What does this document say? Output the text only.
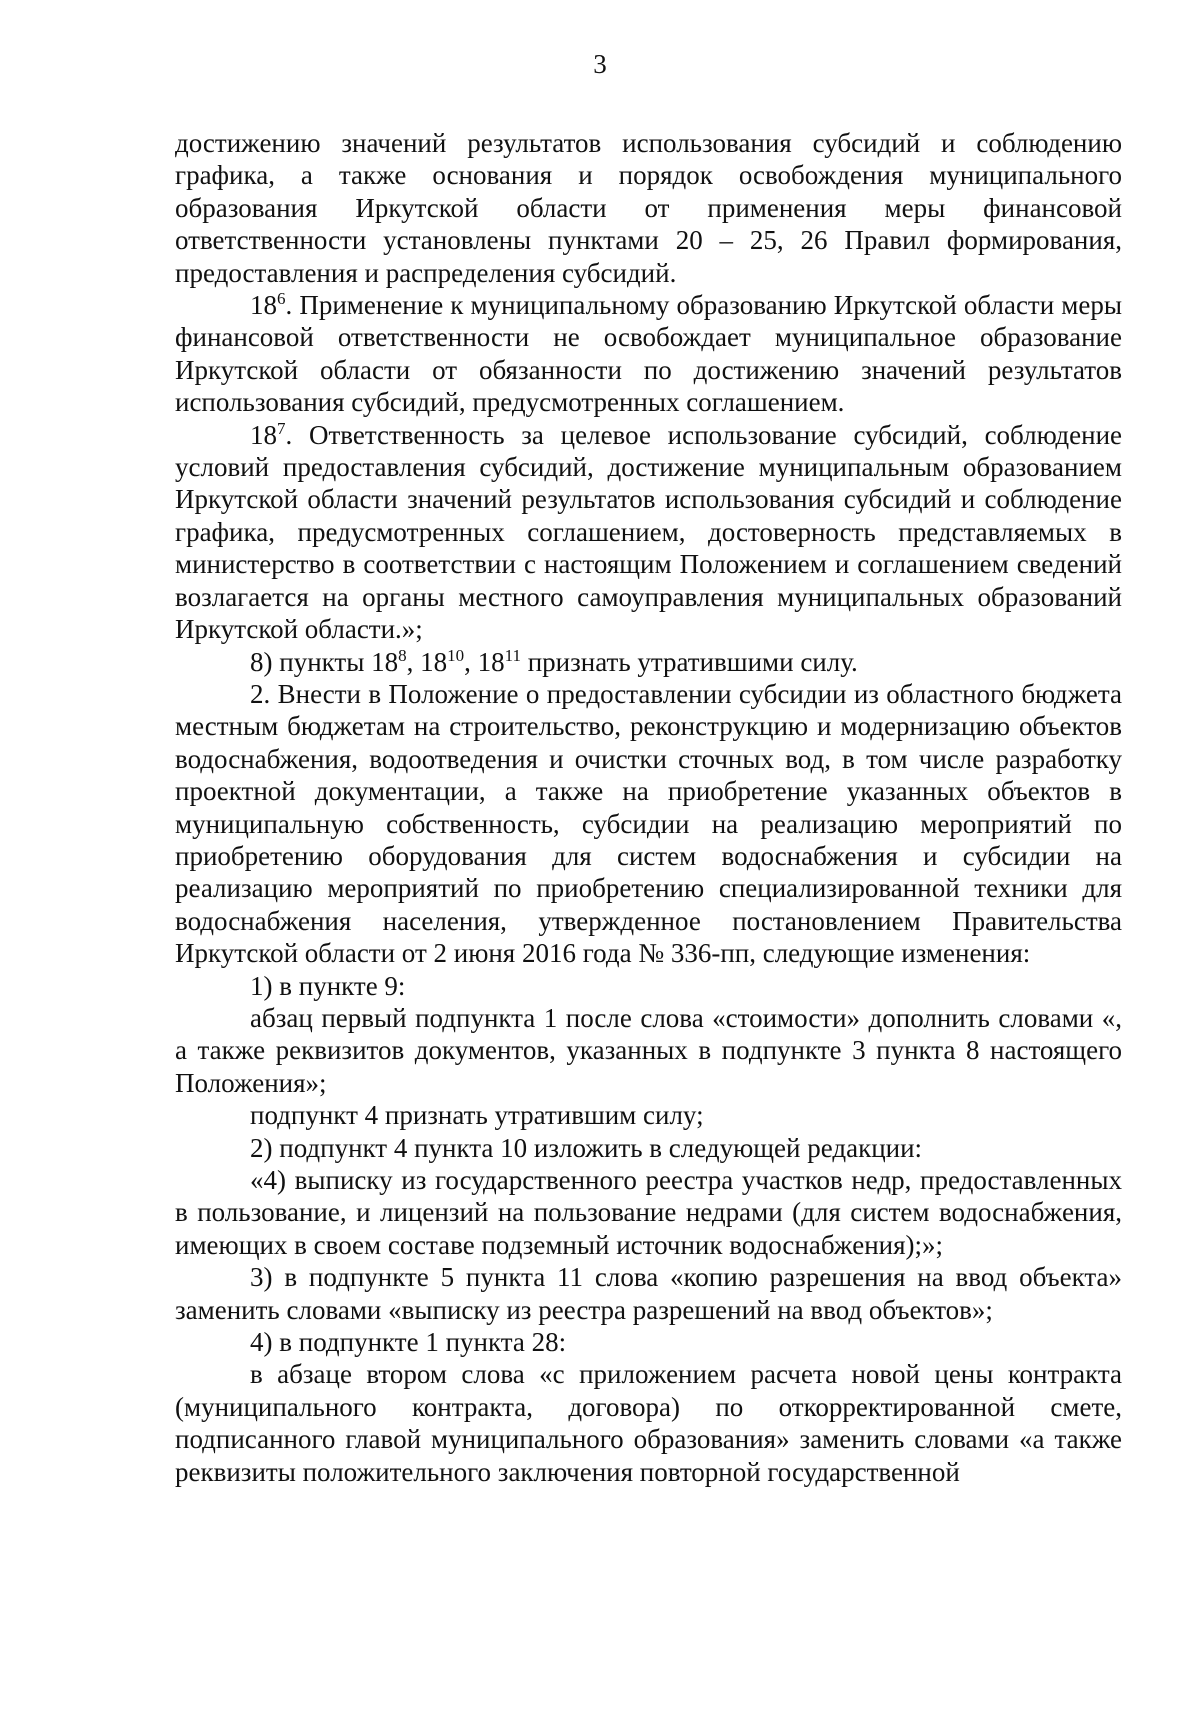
3

достижению значений результатов использования субсидий и соблюдению графика, а также основания и порядок освобождения муниципального образования Иркутской области от применения меры финансовой ответственности установлены пунктами 20 – 25, 26 Правил формирования, предоставления и распределения субсидий.

$18^6$. Применение к муниципальному образованию Иркутской области меры финансовой ответственности не освобождает муниципальное образование Иркутской области от обязанности по достижению значений результатов использования субсидий, предусмотренных соглашением.

$18^7$. Ответственность за целевое использование субсидий, соблюдение условий предоставления субсидий, достижение муниципальным образованием Иркутской области значений результатов использования субсидий и соблюдение графика, предусмотренных соглашением, достоверность представляемых в министерство в соответствии с настоящим Положением и соглашением сведений возлагается на органы местного самоуправления муниципальных образований Иркутской области.»;

8) пункты $18^8$, $18^{10}$, $18^{11}$ признать утратившими силу.

2. Внести в Положение о предоставлении субсидии из областного бюджета местным бюджетам на строительство, реконструкцию и модернизацию объектов водоснабжения, водоотведения и очистки сточных вод, в том числе разработку проектной документации, а также на приобретение указанных объектов в муниципальную собственность, субсидии на реализацию мероприятий по приобретению оборудования для систем водоснабжения и субсидии на реализацию мероприятий по приобретению специализированной техники для водоснабжения населения, утвержденное постановлением Правительства Иркутской области от 2 июня 2016 года № 336-пп, следующие изменения:

1) в пункте 9:

абзац первый подпункта 1 после слова «стоимости» дополнить словами «, а также реквизитов документов, указанных в подпункте 3 пункта 8 настоящего Положения»;

подпункт 4 признать утратившим силу;

2) подпункт 4 пункта 10 изложить в следующей редакции:

«4) выписку из государственного реестра участков недр, предоставленных в пользование, и лицензий на пользование недрами (для систем водоснабжения, имеющих в своем составе подземный источник водоснабжения);»;

3) в подпункте 5 пункта 11 слова «копию разрешения на ввод объекта» заменить словами «выписку из реестра разрешений на ввод объектов»;

4) в подпункте 1 пункта 28:

в абзаце втором слова «с приложением расчета новой цены контракта (муниципального контракта, договора) по откорректированной смете, подписанного главой муниципального образования» заменить словами «а также реквизиты положительного заключения повторной государственной
